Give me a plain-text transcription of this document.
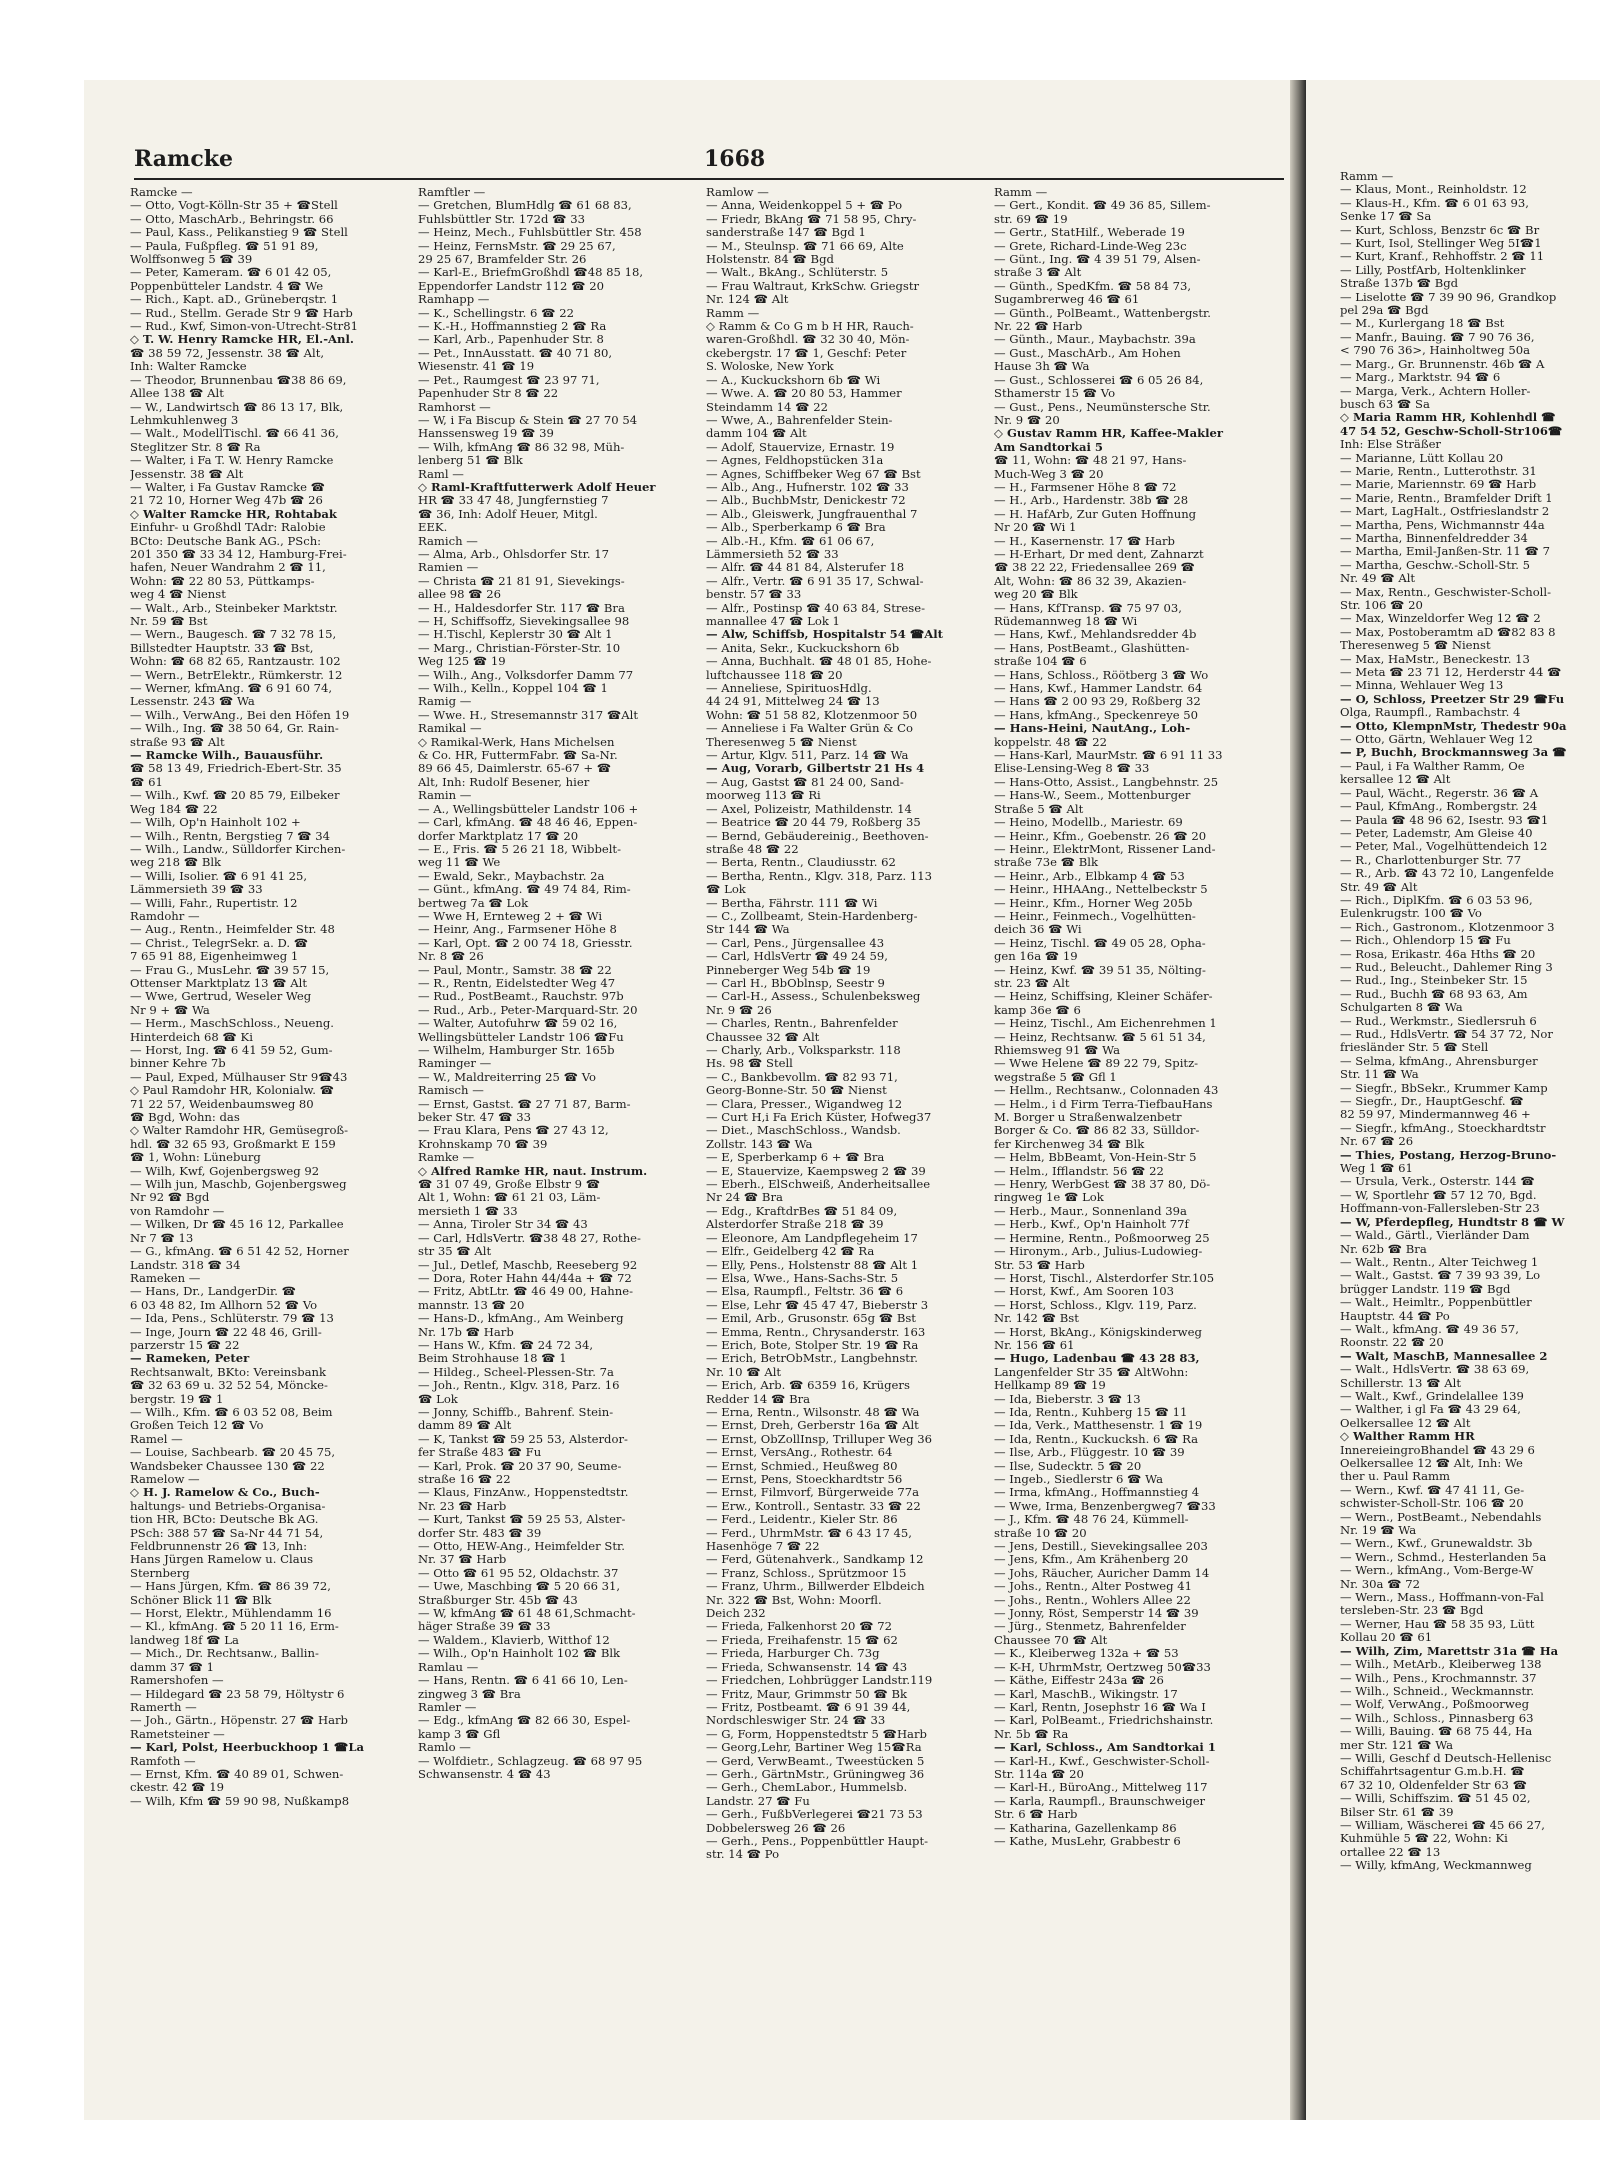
Ramcke	1668

Ramcke —

— Otto, Vogt-Kölln-Str 35 + ☎Stell

— Otto, MaschArb., Behringstr. 66

— Paul, Kass., Pelikanstieg 9 ☎ Stell

— Paula, Fußpfleg. ☎ 51 91 89,

Wolffsonweg 5 ☎ 39

— Peter, Kameram. ☎ 6 01 42 05,

Poppenbütteler Landstr. 4 ☎ We

— Rich., Kapt. aD., Grüneberqstr. 1

— Rud., Stellm. Gerade Str 9 ☎ Harb

— Rud., Kwf, Simon-von-Utrecht-Str81

◇ T. W. Henry Ramcke HR, El.-Anl.

☎ 38 59 72, Jessenstr. 38 ☎ Alt,

Inh: Walter Ramcke

— Theodor, Brunnenbau ☎38 86 69,

Allee 138 ☎ Alt

— W., Landwirtsch ☎ 86 13 17, Blk,

Lehmkuhlenweg 3

— Walt., ModellTischl. ☎ 66 41 36,

Steglitzer Str. 8 ☎ Ra

— Walter, i Fa T. W. Henry Ramcke

Jessenstr. 38 ☎ Alt

— Walter, i Fa Gustav Ramcke ☎

21 72 10, Horner Weg 47b ☎ 26

◇ Walter Ramcke HR, Rohtabak

Einfuhr- u Großhdl TAdr: Ralobie

BCto: Deutsche Bank AG., PSch:

201 350 ☎ 33 34 12, Hamburg-Frei-

hafen, Neuer Wandrahm 2 ☎ 11,

Wohn: ☎ 22 80 53, Püttkamps-

weg 4 ☎ Nienst

— Walt., Arb., Steinbeker Marktstr.

Nr. 59 ☎ Bst

— Wern., Baugesch. ☎ 7 32 78 15,

Billstedter Hauptstr. 33 ☎ Bst,

Wohn: ☎ 68 82 65, Rantzaustr. 102

— Wern., BetrElektr., Rümkerstr. 12

— Werner, kfmAng. ☎ 6 91 60 74,

Lessenstr. 243 ☎ Wa

— Wilh., VerwAng., Bei den Höfen 19

— Wilh., Ing. ☎ 38 50 64, Gr. Rain-

straße 93 ☎ Alt

— Ramcke Wilh., Bauausführ.

☎ 58 13 49, Friedrich-Ebert-Str. 35

☎ 61

— Wilh., Kwf. ☎ 20 85 79, Eilbeker

Weg 184 ☎ 22

— Wilh, Op'n Hainholt 102 +

— Wilh., Rentn, Bergstieg 7 ☎ 34

— Wilh., Landw., Sülldorfer Kirchen-

weg 218 ☎ Blk

— Willi, Isolier. ☎ 6 91 41 25,

Lämmersieth 39 ☎ 33

— Willi, Fahr., Rupertistr. 12

Ramdohr —

— Aug., Rentn., Heimfelder Str. 48

— Christ., TelegrSekr. a. D. ☎

7 65 91 88, Eigenheimweg 1

— Frau G., MusLehr. ☎ 39 57 15,

Ottenser Marktplatz 13 ☎ Alt

— Wwe, Gertrud, Weseler Weg

Nr 9 + ☎ Wa

— Herm., MaschSchloss., Neueng.

Hinterdeich 68 ☎ Ki

— Horst, Ing. ☎ 6 41 59 52, Gum-

binner Kehre 7b

— Paul, Exped, Mülhauser Str 9☎43

◇ Paul Ramdohr HR, Kolonialw. ☎

71 22 57, Weidenbaumsweg 80

☎ Bgd, Wohn: das

◇ Walter Ramdohr HR, Gemüsegroß-

hdl. ☎ 32 65 93, Großmarkt E 159

☎ 1, Wohn: Lüneburg

— Wilh, Kwf, Gojenbergsweg 92

— Wilh jun, Maschb, Gojenbergsweg

Nr 92 ☎ Bgd

von Ramdohr —

— Wilken, Dr ☎ 45 16 12, Parkallee

Nr 7 ☎ 13

— G., kfmAng. ☎ 6 51 42 52, Horner

Landstr. 318 ☎ 34

Rameken —

— Hans, Dr., LandgerDir. ☎

6 03 48 82, Im Allhorn 52 ☎ Vo

— Ida, Pens., Schlüterstr. 79 ☎ 13

— Inge, Journ ☎ 22 48 46, Grill-

parzerstr 15 ☎ 22

— Rameken, Peter

Rechtsanwalt, BKto: Vereinsbank

☎ 32 63 69 u. 32 52 54, Möncke-

bergstr. 19 ☎ 1

— Wilh., Kfm. ☎ 6 03 52 08, Beim

Großen Teich 12 ☎ Vo

Ramel —

— Louise, Sachbearb. ☎ 20 45 75,

Wandsbeker Chaussee 130 ☎ 22

Ramelow —

◇ H. J. Ramelow & Co., Buch-

haltungs- und Betriebs-Organisa-

tion HR, BCto: Deutsche Bk AG.

PSch: 388 57 ☎ Sa-Nr 44 71 54,

Feldbrunnenstr 26 ☎ 13, Inh:

Hans Jürgen Ramelow u. Claus

Sternberg

— Hans Jürgen, Kfm. ☎ 86 39 72,

Schöner Blick 11 ☎ Blk

— Horst, Elektr., Mühlendamm 16

— Kl., kfmAng. ☎ 5 20 11 16, Erm-

landweg 18f ☎ La

— Mich., Dr. Rechtsanw., Ballin-

damm 37 ☎ 1

Ramershofen —

— Hildegard ☎ 23 58 79, Höltystr 6

Ramerth —

— Joh., Gärtn., Höpenstr. 27 ☎ Harb

Rametsteiner —

— Karl, Polst, Heerbuckhoop 1 ☎La

Ramfoth —

— Ernst, Kfm. ☎ 40 89 01, Schwen-

ckestr. 42 ☎ 19

— Wilh, Kfm ☎ 59 90 98, Nußkamp8

Ramftler —

— Gretchen, BlumHdlg ☎ 61 68 83,

Fuhlsbüttler Str. 172d ☎ 33

— Heinz, Mech., Fuhlsbüttler Str. 458

— Heinz, FernsMstr. ☎ 29 25 67,

29 25 67, Bramfelder Str. 26

— Karl-E., BriefmGroßhdl ☎48 85 18,

Eppendorfer Landstr 112 ☎ 20

Ramhapp —

— K., Schellingstr. 6 ☎ 22

— K.-H., Hoffmannstieg 2 ☎ Ra

— Karl, Arb., Papenhuder Str. 8

— Pet., InnAusstatt. ☎ 40 71 80,

Wiesenstr. 41 ☎ 19

— Pet., Raumgest ☎ 23 97 71,

Papenhuder Str 8 ☎ 22

Ramhorst —

— W, i Fa Biscup & Stein ☎ 27 70 54

Hanssensweg 19 ☎ 39

— Wilh, kfmAng ☎ 86 32 98, Müh-

lenberg 51 ☎ Blk

Raml —

◇ Raml-Kraftfutterwerk Adolf Heuer

HR ☎ 33 47 48, Jungfernstieg 7

☎ 36, Inh: Adolf Heuer, Mitgl.

EEK.

Ramich —

— Alma, Arb., Ohlsdorfer Str. 17

Ramien —

— Christa ☎ 21 81 91, Sievekings-

allee 98 ☎ 26

— H., Haldesdorfer Str. 117 ☎ Bra

— H, Schiffsoffz, Sievekingsallee 98

— H.Tischl, Keplerstr 30 ☎ Alt 1

— Marg., Christian-Förster-Str. 10

Weg 125 ☎ 19

— Wilh., Ang., Volksdorfer Damm 77

— Wilh., Kelln., Koppel 104 ☎ 1

Ramig —

— Wwe. H., Stresemannstr 317 ☎Alt

Ramikal —

◇ Ramikal-Werk, Hans Michelsen

& Co. HR, FuttermFabr. ☎ Sa-Nr.

89 66 45, Daimlerstr. 65-67 + ☎

Alt, Inh: Rudolf Besener, hier

Ramin —

— A., Wellingsbütteler Landstr 106 +

— Carl, kfmAng. ☎ 48 46 46, Eppen-

dorfer Marktplatz 17 ☎ 20

— E., Fris. ☎ 5 26 21 18, Wibbelt-

weg 11 ☎ We

— Ewald, Sekr., Maybachstr. 2a

— Günt., kfmAng. ☎ 49 74 84, Rim-

bertweg 7a ☎ Lok

— Wwe H, Ernteweg 2 + ☎ Wi

— Heinr, Ang., Farmsener Höhe 8

— Karl, Opt. ☎ 2 00 74 18, Griesstr.

Nr. 8 ☎ 26

— Paul, Montr., Samstr. 38 ☎ 22

— R., Rentn, Eidelstedter Weg 47

— Rud., PostBeamt., Rauchstr. 97b

— Rud., Arb., Peter-Marquard-Str. 20

— Walter, Autofuhrw ☎ 59 02 16,

Wellingsbütteler Landstr 106 ☎Fu

— Wilhelm, Hamburger Str. 165b

Raminger —

— W., Maldreiterring 25 ☎ Vo

Ramisch —

— Ernst, Gastst. ☎ 27 71 87, Barm-

beker Str. 47 ☎ 33

— Frau Klara, Pens ☎ 27 43 12,

Krohnskamp 70 ☎ 39

Ramke —

◇ Alfred Ramke HR, naut. Instrum.

☎ 31 07 49, Große Elbstr 9 ☎

Alt 1, Wohn: ☎ 61 21 03, Läm-

mersieth 1 ☎ 33

— Anna, Tiroler Str 34 ☎ 43

— Carl, HdlsVertr. ☎38 48 27, Rothe-

str 35 ☎ Alt

— Jul., Detlef, Maschb, Reeseberg 92

— Dora, Roter Hahn 44/44a + ☎ 72

— Fritz, AbtLtr. ☎ 46 49 00, Hahne-

mannstr. 13 ☎ 20

— Hans-D., kfmAng., Am Weinberg

Nr. 17b ☎ Harb

— Hans W., Kfm. ☎ 24 72 34,

Beim Strohhause 18 ☎ 1

— Hildeg., Scheel-Plessen-Str. 7a

— Joh., Rentn., Klgv. 318, Parz. 16

☎ Lok

— Jonny, Schiffb., Bahrenf. Stein-

damm 89 ☎ Alt

— K, Tankst ☎ 59 25 53, Alsterdor-

fer Straße 483 ☎ Fu

— Karl, Prok. ☎ 20 37 90, Seume-

straße 16 ☎ 22

— Klaus, FinzAnw., Hoppenstedtstr.

Nr. 23 ☎ Harb

— Kurt, Tankst ☎ 59 25 53, Alster-

dorfer Str. 483 ☎ 39

— Otto, HEW-Ang., Heimfelder Str.

Nr. 37 ☎ Harb

— Otto ☎ 61 95 52, Oldachstr. 37

— Uwe, Maschbing ☎ 5 20 66 31,

Straßburger Str. 45b ☎ 43

— W, kfmAng ☎ 61 48 61,Schmacht-

häger Straße 39 ☎ 33

— Waldem., Klavierb, Witthof 12

— Wilh., Op'n Hainholt 102 ☎ Blk

Ramlau —

— Hans, Rentn. ☎ 6 41 66 10, Len-

zingweg 3 ☎ Bra

Ramler —

— Edg., kfmAng ☎ 82 66 30, Espel-

kamp 3 ☎ Gfl

Ramlo —

— Wolfdietr., Schlagzeug. ☎ 68 97 95

Schwansenstr. 4 ☎ 43

Ramlow —

— Anna, Weidenkoppel 5 + ☎ Po

— Friedr, BkAng ☎ 71 58 95, Chry-

sanderstraße 147 ☎ Bgd 1

— M., Steulnsp. ☎ 71 66 69, Alte

Holstenstr. 84 ☎ Bgd

— Walt., BkAng., Schlüterstr. 5

— Frau Waltraut, KrkSchw. Griegstr

Nr. 124 ☎ Alt

Ramm —

◇ Ramm & Co G m b H HR, Rauch-

waren-Großhdl. ☎ 32 30 40, Mön-

ckebergstr. 17 ☎ 1, Geschf: Peter

S. Woloske, New York

— A., Kuckuckshorn 6b ☎ Wi

— Wwe. A. ☎ 20 80 53, Hammer

Steindamm 14 ☎ 22

— Wwe, A., Bahrenfelder Stein-

damm 104 ☎ Alt

— Adolf, Stauervize, Ernastr. 19

— Agnes, Feldhopstücken 31a

— Agnes, Schiffbeker Weg 67 ☎ Bst

— Alb., Ang., Hufnerstr. 102 ☎ 33

— Alb., BuchbMstr, Denickestr 72

— Alb., Gleiswerk, Jungfrauenthal 7

— Alb., Sperberkamp 6 ☎ Bra

— Alb.-H., Kfm. ☎ 61 06 67,

Lämmersieth 52 ☎ 33

— Alfr. ☎ 44 81 84, Alsterufer 18

— Alfr., Vertr. ☎ 6 91 35 17, Schwal-

benstr. 57 ☎ 33

— Alfr., Postinsp ☎ 40 63 84, Strese-

mannallee 47 ☎ Lok 1

— Alw, Schiffsb, Hospitalstr 54 ☎Alt

— Anita, Sekr., Kuckuckshorn 6b

— Anna, Buchhalt. ☎ 48 01 85, Hohe-

luftchaussee 118 ☎ 20

— Anneliese, SpirituosHdlg.

44 24 91, Mittelweg 24 ☎ 13

Wohn: ☎ 51 58 82, Klotzenmoor 50

— Anneliese i Fa Walter Grün & Co

Theresenweg 5 ☎ Nienst

— Artur, Klgv. 511, Parz. 14 ☎ Wa

— Aug, Vorarb, Gilbertstr 21 Hs 4

— Aug, Gastst ☎ 81 24 00, Sand-

moorweg 113 ☎ Ri

— Axel, Polizeistr, Mathildenstr. 14

— Beatrice ☎ 20 44 79, Roßberg 35

— Bernd, Gebäudereinig., Beethoven-

straße 48 ☎ 22

— Berta, Rentn., Claudiusstr. 62

— Bertha, Rentn., Klgv. 318, Parz. 113

☎ Lok

— Bertha, Fährstr. 111 ☎ Wi

— C., Zollbeamt, Stein-Hardenberg-

Str 144 ☎ Wa

— Carl, Pens., Jürgensallee 43

— Carl, HdlsVertr ☎ 49 24 59,

Pinneberger Weg 54b ☎ 19

— Carl H., BbOblnsp, Seestr 9

— Carl-H., Assess., Schulenbeksweg

Nr. 9 ☎ 26

— Charles, Rentn., Bahrenfelder

Chaussee 32 ☎ Alt

— Charly, Arb., Volksparkstr. 118

Hs. 98 ☎ Stell

— C., Bankbevollm. ☎ 82 93 71,

Georg-Bonne-Str. 50 ☎ Nienst

— Clara, Presser., Wigandweg 12

— Curt H,i Fa Erich Küster, Hofweg37

— Diet., MaschSchloss., Wandsb.

Zollstr. 143 ☎ Wa

— E, Sperberkamp 6 + ☎ Bra

— E, Stauervize, Kaempsweg 2 ☎ 39

— Eberh., ElSchweiß, Anderheitsallee

Nr 24 ☎ Bra

— Edg., KraftdrBes ☎ 51 84 09,

Alsterdorfer Straße 218 ☎ 39

— Eleonore, Am Landpflegeheim 17

— Elfr., Geidelberg 42 ☎ Ra

— Elly, Pens., Holstenstr 88 ☎ Alt 1

— Elsa, Wwe., Hans-Sachs-Str. 5

— Elsa, Raumpfl., Feltstr. 36 ☎ 6

— Else, Lehr ☎ 45 47 47, Bieberstr 3

— Emil, Arb., Grusonstr. 65g ☎ Bst

— Emma, Rentn., Chrysanderstr. 163

— Erich, Bote, Stolper Str. 19 ☎ Ra

— Erich, BetrObMstr., Langbehnstr.

Nr. 10 ☎ Alt

— Erich, Arb. ☎ 6359 16, Krügers

Redder 14 ☎ Bra

— Erna, Rentn., Wilsonstr. 48 ☎ Wa

— Ernst, Dreh, Gerberstr 16a ☎ Alt

— Ernst, ObZollInsp, Trilluper Weg 36

— Ernst, VersAng., Rothestr. 64

— Ernst, Schmied., Heußweg 80

— Ernst, Pens, Stoeckhardtstr 56

— Ernst, Filmvorf, Bürgerweide 77a

— Erw., Kontroll., Sentastr. 33 ☎ 22

— Ferd., Leidentr., Kieler Str. 86

— Ferd., UhrmMstr. ☎ 6 43 17 45,

Hasenhöge 7 ☎ 22

— Ferd, Gütenahverk., Sandkamp 12

— Franz, Schloss., Sprützmoor 15

— Franz, Uhrm., Billwerder Elbdeich

Nr. 322 ☎ Bst, Wohn: Moorfl.

Deich 232

— Frieda, Falkenhorst 20 ☎ 72

— Frieda, Freihafenstr. 15 ☎ 62

— Frieda, Harburger Ch. 73g

— Frieda, Schwansenstr. 14 ☎ 43

— Friedchen, Lohbrügger Landstr.119

— Fritz, Maur, Grimmstr 50 ☎ Bk

— Fritz, Postbeamt. ☎ 6 91 39 44,

Nordschleswiger Str. 24 ☎ 33

— G, Form, Hoppenstedtstr 5 ☎Harb

— Georg,Lehr, Bartiner Weg 15☎Ra

— Gerd, VerwBeamt., Tweestücken 5

— Gerh., GärtnMstr., Grüningweg 36

— Gerh., ChemLabor., Hummelsb.

Landstr. 27 ☎ Fu

— Gerh., FußbVerlegerei ☎21 73 53

Dobbelersweg 26 ☎ 26

— Gerh., Pens., Poppenbüttler Haupt-

str. 14 ☎ Po

Ramm —

— Gert., Kondit. ☎ 49 36 85, Sillem-

str. 69 ☎ 19

— Gertr., StatHilf., Weberade 19

— Grete, Richard-Linde-Weg 23c

— Günt., Ing. ☎ 4 39 51 79, Alsen-

straße 3 ☎ Alt

— Günth., SpedKfm. ☎ 58 84 73,

Sugambrerweg 46 ☎ 61

— Günth., PolBeamt., Wattenbergstr.

Nr. 22 ☎ Harb

— Günth., Maur., Maybachstr. 39a

— Gust., MaschArb., Am Hohen

Hause 3h ☎ Wa

— Gust., Schlosserei ☎ 6 05 26 84,

Sthamerstr 15 ☎ Vo

— Gust., Pens., Neumünstersche Str.

Nr. 9 ☎ 20

◇ Gustav Ramm HR, Kaffee-Makler

Am Sandtorkai 5

☎ 11, Wohn: ☎ 48 21 97, Hans-

Much-Weg 3 ☎ 20

— H., Farmsener Höhe 8 ☎ 72

— H., Arb., Hardenstr. 38b ☎ 28

— H. HafArb, Zur Guten Hoffnung

Nr 20 ☎ Wi 1

— H., Kasernenstr. 17 ☎ Harb

— H-Erhart, Dr med dent, Zahnarzt

☎ 38 22 22, Friedensallee 269 ☎

Alt, Wohn: ☎ 86 32 39, Akazien-

weg 20 ☎ Blk

— Hans, KfTransp. ☎ 75 97 03,

Rüdemannweg 18 ☎ Wi

— Hans, Kwf., Mehlandsredder 4b

— Hans, PostBeamt., Glashütten-

straße 104 ☎ 6

— Hans, Schloss., Röötberg 3 ☎ Wo

— Hans, Kwf., Hammer Landstr. 64

— Hans ☎ 2 00 93 29, Roßberg 32

— Hans, kfmAng., Speckenreye 50

— Hans-Heini, NautAng., Loh-

koppelstr. 48 ☎ 22

— Hans-Karl, MaurMstr. ☎ 6 91 11 33

Elise-Lensing-Weg 8 ☎ 33

— Hans-Otto, Assist., Langbehnstr. 25

— Hans-W., Seem., Mottenburger

Straße 5 ☎ Alt

— Heino, Modellb., Mariestr. 69

— Heinr., Kfm., Goebenstr. 26 ☎ 20

— Heinr., ElektrMont, Rissener Land-

straße 73e ☎ Blk

— Heinr., Arb., Elbkamp 4 ☎ 53

— Heinr., HHAAng., Nettelbeckstr 5

— Heinr., Kfm., Horner Weg 205b

— Heinr., Feinmech., Vogelhütten-

deich 36 ☎ Wi

— Heinz, Tischl. ☎ 49 05 28, Opha-

gen 16a ☎ 19

— Heinz, Kwf. ☎ 39 51 35, Nölting-

str. 23 ☎ Alt

— Heinz, Schiffsing, Kleiner Schäfer-

kamp 36e ☎ 6

— Heinz, Tischl., Am Eichenrehmen 1

— Heinz, Rechtsanw. ☎ 5 61 51 34,

Rhiemsweg 91 ☎ Wa

— Wwe Helene ☎ 89 22 79, Spitz-

wegstraße 5 ☎ Gfl 1

— Hellm., Rechtsanw., Colonnaden 43

— Helm., i d Firm Terra-TiefbauHans

M. Borger u Straßenwalzenbetr

Borger & Co. ☎ 86 82 33, Sülldor-

fer Kirchenweg 34 ☎ Blk

— Helm, BbBeamt, Von-Hein-Str 5

— Helm., Ifflandstr. 56 ☎ 22

— Henry, WerbGest ☎ 38 37 80, Dö-

ringweg 1e ☎ Lok

— Herb., Maur., Sonnenland 39a

— Herb., Kwf., Op'n Hainholt 77f

— Hermine, Rentn., Poßmoorweg 25

— Hironym., Arb., Julius-Ludowieg-

Str. 53 ☎ Harb

— Horst, Tischl., Alsterdorfer Str.105

— Horst, Kwf., Am Sooren 103

— Horst, Schloss., Klgv. 119, Parz.

Nr. 142 ☎ Bst

— Horst, BkAng., Königskinderweg

Nr. 156 ☎ 61

— Hugo, Ladenbau ☎ 43 28 83,

Langenfelder Str 35 ☎ AltWohn:

Hellkamp 89 ☎ 19

— Ida, Bieberstr. 3 ☎ 13

— Ida, Rentn., Kuhberg 15 ☎ 11

— Ida, Verk., Matthesenstr. 1 ☎ 19

— Ida, Rentn., Kuckucksh. 6 ☎ Ra

— Ilse, Arb., Flüggestr. 10 ☎ 39

— Ilse, Sudecktr. 5 ☎ 20

— Ingeb., Siedlerstr 6 ☎ Wa

— Irma, kfmAng., Hoffmannstieg 4

— Wwe, Irma, Benzenbergweg7 ☎33

— J., Kfm. ☎ 48 76 24, Kümmell-

straße 10 ☎ 20

— Jens, Destill., Sievekingsallee 203

— Jens, Kfm., Am Krähenberg 20

— Johs, Räucher, Auricher Damm 14

— Johs., Rentn., Alter Postweg 41

— Johs., Rentn., Wohlers Allee 22

— Jonny, Röst, Semperstr 14 ☎ 39

— Jürg., Stenmetz, Bahrenfelder

Chaussee 70 ☎ Alt

— K., Kleiberweg 132a + ☎ 53

— K-H, UhrmMstr, Oertzweg 50☎33

— Käthe, Eiffestr 243a ☎ 26

— Karl, MaschB., Wikingstr. 17

— Karl, Rentn, Josephstr 16 ☎ Wa I

— Karl, PolBeamt., Friedrichshainstr.

Nr. 5b ☎ Ra

— Karl, Schloss., Am Sandtorkai 1

— Karl-H., Kwf., Geschwister-Scholl-

Str. 114a ☎ 20

— Karl-H., BüroAng., Mittelweg 117

— Karla, Raumpfl., Braunschweiger

Str. 6 ☎ Harb

— Katharina, Gazellenkamp 86

— Kathe, MusLehr, Grabbestr 6

Ramm —

— Klaus, Mont., Reinholdstr. 12

— Klaus-H., Kfm. ☎ 6 01 63 93,

Senke 17 ☎ Sa

— Kurt, Schloss, Benzstr 6c ☎ Br

— Kurt, Isol, Stellinger Weg 5I☎1

— Kurt, Kranf., Rehhoffstr. 2 ☎ 11

— Lilly, PostfArb, Holtenklinker

Straße 137b ☎ Bgd

— Liselotte ☎ 7 39 90 96, Grandkop

pel 29a ☎ Bgd

— M., Kurlergang 18 ☎ Bst

— Manfr., Bauing. ☎ 7 90 76 36,

< 790 76 36>, Hainholtweg 50a

— Marg., Gr. Brunnenstr. 46b ☎ A

— Marg., Marktstr. 94 ☎ 6

— Marga, Verk., Achtern Holler-

busch 63 ☎ Sa

◇ Maria Ramm HR, Kohlenhdl ☎

47 54 52, Geschw-Scholl-Str106☎

Inh: Else Sträßer

— Marianne, Lütt Kollau 20

— Marie, Rentn., Lutterothstr. 31

— Marie, Mariennstr. 69 ☎ Harb

— Marie, Rentn., Bramfelder Drift 1

— Mart, LagHalt., Ostfrieslandstr 2

— Martha, Pens, Wichmannstr 44a

— Martha, Binnenfeldredder 34

— Martha, Emil-Janßen-Str. 11 ☎ 7

— Martha, Geschw.-Scholl-Str. 5

Nr. 49 ☎ Alt

— Max, Rentn., Geschwister-Scholl-

Str. 106 ☎ 20

— Max, Winzeldorfer Weg 12 ☎ 2

— Max, Postoberamtm aD ☎82 83 8

Theresenweg 5 ☎ Nienst

— Max, HaMstr., Beneckestr. 13

— Meta ☎ 23 71 12, Herderstr 44 ☎

— Minna, Wehlauer Weg 13

— O, Schloss, Preetzer Str 29 ☎Fu

Olga, Raumpfl., Rambachstr. 4

— Otto, KlempnMstr, Thedestr 90a

— Otto, Gärtn, Wehlauer Weg 12

— P, Buchh, Brockmannsweg 3a ☎

— Paul, i Fa Walther Ramm, Oe

kersallee 12 ☎ Alt

— Paul, Wächt., Regerstr. 36 ☎ A

— Paul, KfmAng., Rombergstr. 24

— Paula ☎ 48 96 62, Isestr. 93 ☎1

— Peter, Lademstr, Am Gleise 40

— Peter, Mal., Vogelhüttendeich 12

— R., Charlottenburger Str. 77

— R., Arb. ☎ 43 72 10, Langenfelde

Str. 49 ☎ Alt

— Rich., DiplKfm. ☎ 6 03 53 96,

Eulenkrugstr. 100 ☎ Vo

— Rich., Gastronom., Klotzenmoor 3

— Rich., Ohlendorp 15 ☎ Fu

— Rosa, Erikastr. 46a Hths ☎ 20

— Rud., Beleucht., Dahlemer Ring 3

— Rud., Ing., Steinbeker Str. 15

— Rud., Buchh ☎ 68 93 63, Am

Schulgarten 8 ☎ Wa

— Rud., Werkmstr., Siedlersruh 6

— Rud., HdlsVertr. ☎ 54 37 72, Nor

friesländer Str. 5 ☎ Stell

— Selma, kfmAng., Ahrensburger

Str. 11 ☎ Wa

— Siegfr., BbSekr., Krummer Kamp

— Siegfr., Dr., HauptGeschf. ☎

82 59 97, Mindermannweg 46 +

— Siegfr., kfmAng., Stoeckhardtstr

Nr. 67 ☎ 26

— Thies, Postang, Herzog-Bruno-

Weg 1 ☎ 61

— Ursula, Verk., Osterstr. 144 ☎

— W, Sportlehr ☎ 57 12 70, Bgd.

Hoffmann-von-Fallersleben-Str 23

— W, Pferdepfleg, Hundtstr 8 ☎ W

— Wald., Gärtl., Vierländer Dam

Nr. 62b ☎ Bra

— Walt., Rentn., Alter Teichweg 1

— Walt., Gastst. ☎ 7 39 93 39, Lo

brügger Landstr. 119 ☎ Bgd

— Walt., Heimltr., Poppenbüttler

Hauptstr. 44 ☎ Po

— Walt., kfmAng. ☎ 49 36 57,

Roonstr. 22 ☎ 20

— Walt, MaschB, Mannesallee 2

— Walt., HdlsVertr. ☎ 38 63 69,

Schillerstr. 13 ☎ Alt

— Walt., Kwf., Grindelallee 139

— Walther, i gl Fa ☎ 43 29 64,

Oelkersallee 12 ☎ Alt

◇ Walther Ramm HR

InnereieingroBhandel ☎ 43 29 6

Oelkersallee 12 ☎ Alt, Inh: We

ther u. Paul Ramm

— Wern., Kwf. ☎ 47 41 11, Ge-

schwister-Scholl-Str. 106 ☎ 20

— Wern., PostBeamt., Nebendahls

Nr. 19 ☎ Wa

— Wern., Kwf., Grunewaldstr. 3b

— Wern., Schmd., Hesterlanden 5a

— Wern., kfmAng., Vom-Berge-W

Nr. 30a ☎ 72

— Wern., Mass., Hoffmann-von-Fal

tersleben-Str. 23 ☎ Bgd

— Werner, Hau ☎ 58 35 93, Lütt

Kollau 20 ☎ 61

— Wilh, Zim, Marettstr 31a ☎ Ha

— Wilh., MetArb., Kleiberweg 138

— Wilh., Pens., Krochmannstr. 37

— Wilh., Schneid., Weckmannstr.

— Wolf, VerwAng., Poßmoorweg

— Wilh., Schloss., Pinnasberg 63

— Willi, Bauing. ☎ 68 75 44, Ha

mer Str. 121 ☎ Wa

— Willi, Geschf d Deutsch-Hellenisc

Schiffahrtsagentur G.m.b.H. ☎

67 32 10, Oldenfelder Str 63 ☎

— Willi, Schiffszim. ☎ 51 45 02,

Bilser Str. 61 ☎ 39

— William, Wäscherei ☎ 45 66 27,

Kuhmühle 5 ☎ 22, Wohn: Ki

ortallee 22 ☎ 13

— Willy, kfmAng, Weckmannweg
